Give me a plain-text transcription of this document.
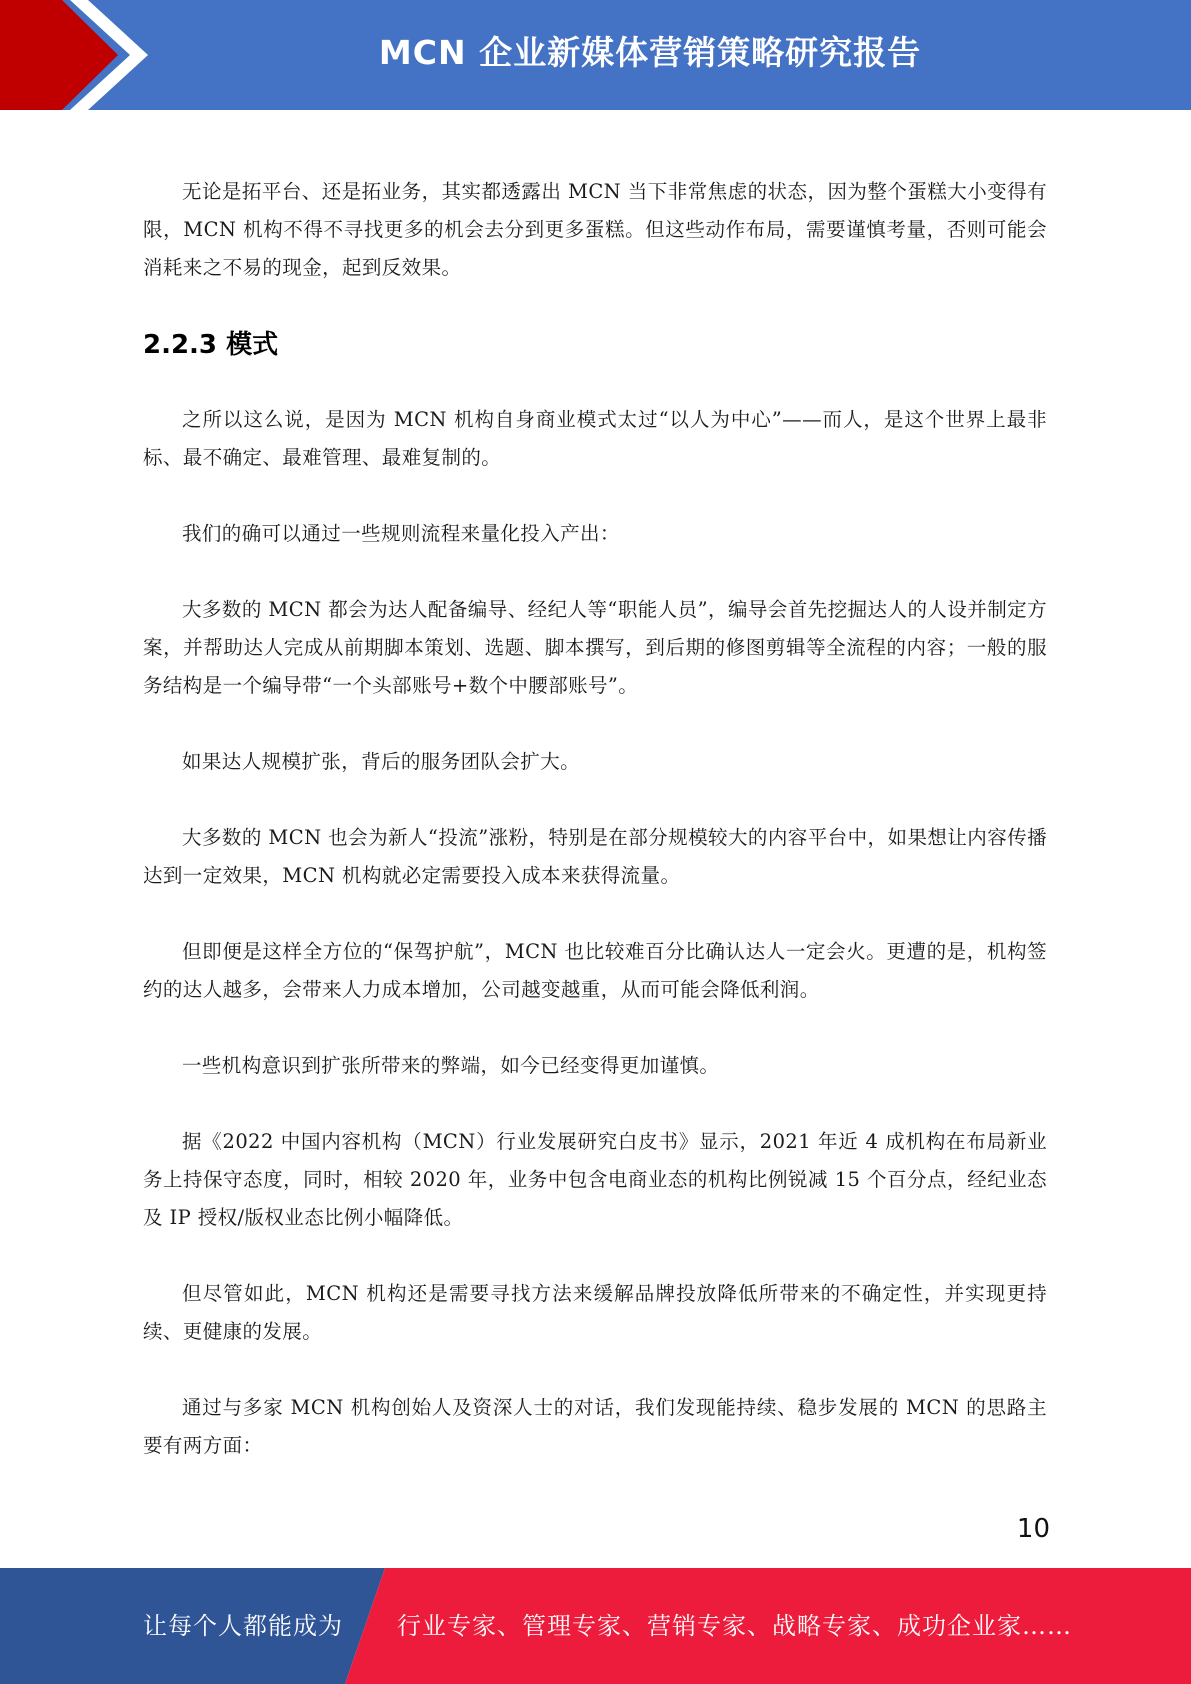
MCN 企业新媒体营销策略研究报告

无论是拓平台、还是拓业务，其实都透露出 MCN 当下非常焦虑的状态，因为整个蛋糕大小变得有限，MCN 机构不得不寻找更多的机会去分到更多蛋糕。但这些动作布局，需要谨慎考量，否则可能会消耗来之不易的现金，起到反效果。

2.2.3 模式

之所以这么说，是因为 MCN 机构自身商业模式太过“以人为中心”——而人，是这个世界上最非标、最不确定、最难管理、最难复制的。

我们的确可以通过一些规则流程来量化投入产出：

大多数的 MCN 都会为达人配备编导、经纪人等“职能人员”，编导会首先挖掘达人的人设并制定方案，并帮助达人完成从前期脚本策划、选题、脚本撰写，到后期的修图剪辑等全流程的内容；一般的服务结构是一个编导带“一个头部账号+数个中腰部账号”。

如果达人规模扩张，背后的服务团队会扩大。

大多数的 MCN 也会为新人“投流”涨粉，特别是在部分规模较大的内容平台中，如果想让内容传播达到一定效果，MCN 机构就必定需要投入成本来获得流量。

但即便是这样全方位的“保驾护航”，MCN 也比较难百分比确认达人一定会火。更遭的是，机构签约的达人越多，会带来人力成本增加，公司越变越重，从而可能会降低利润。

一些机构意识到扩张所带来的弊端，如今已经变得更加谨慎。

据《2022 中国内容机构（MCN）行业发展研究白皮书》显示，2021 年近 4 成机构在布局新业务上持保守态度，同时，相较 2020 年，业务中包含电商业态的机构比例锐减 15 个百分点，经纪业态及 IP 授权/版权业态比例小幅降低。

但尽管如此，MCN 机构还是需要寻找方法来缓解品牌投放降低所带来的不确定性，并实现更持续、更健康的发展。

通过与多家 MCN 机构创始人及资深人士的对话，我们发现能持续、稳步发展的 MCN 的思路主要有两方面：

10
让每个人都能成为 行业专家、管理专家、营销专家、战略专家、成功企业家……
